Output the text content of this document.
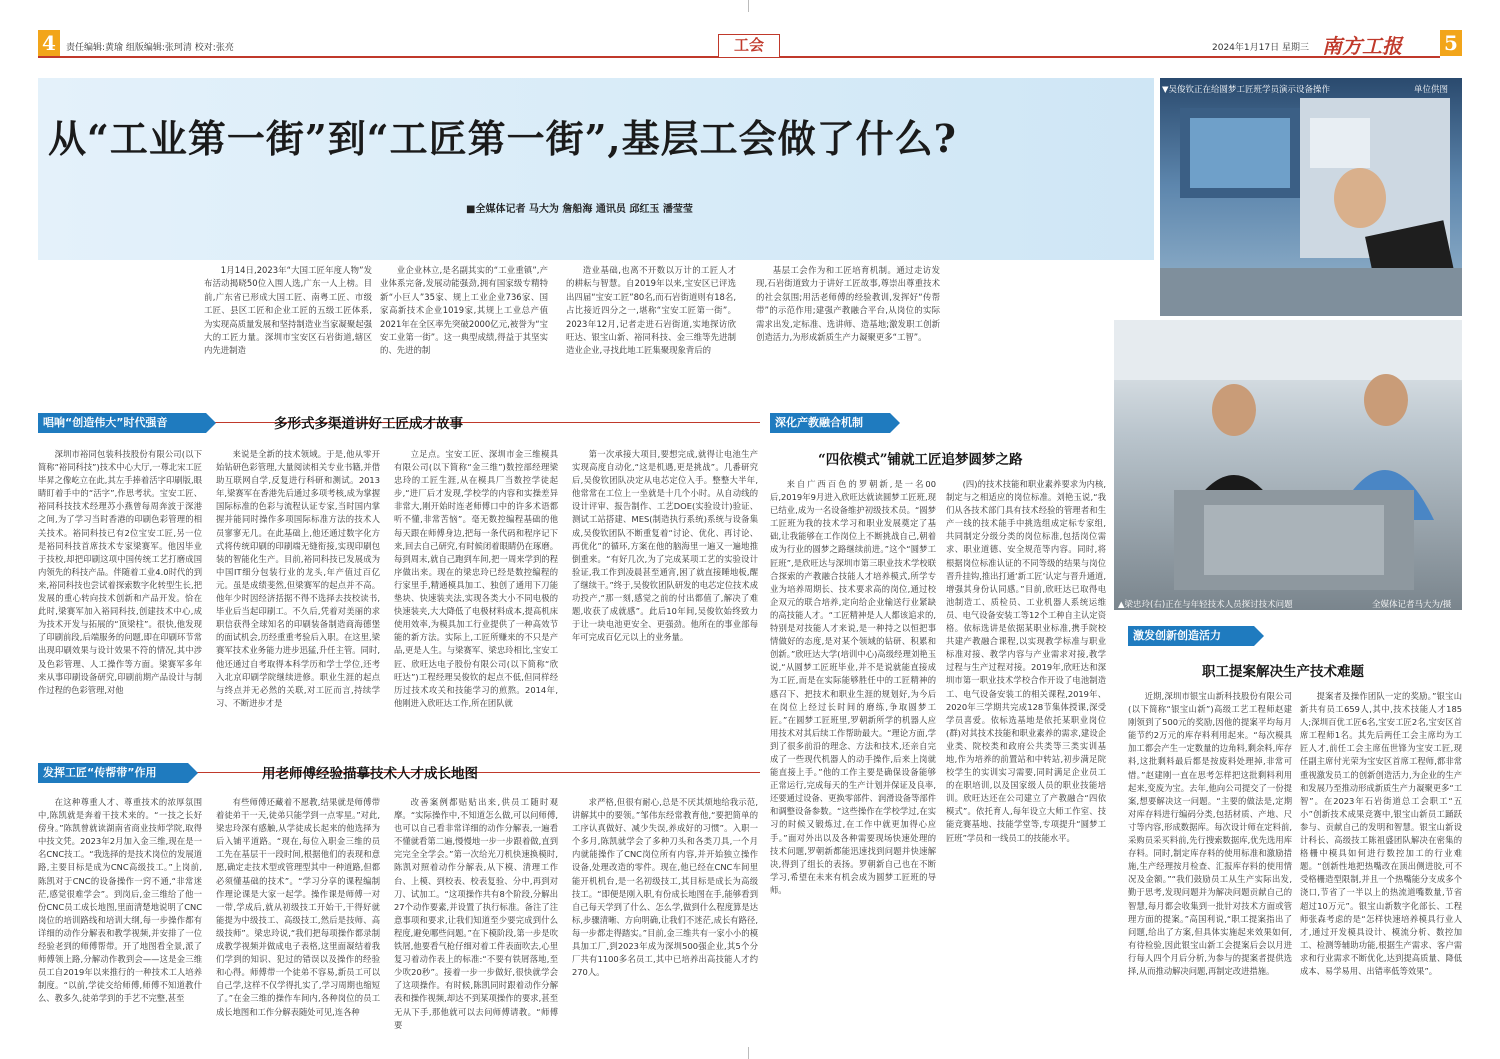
4	责任编辑:黄瑜 组版编辑:张珂清 校对:张亮	工会	2024年1月17日 星期三 南方工报 5
从“工业第一街”到“工匠第一街”,基层工会做了什么?
■全媒体记者 马大为 詹船海 通讯员 邱红玉 潘莹莹
▼吴俊钦正在给圆梦工匠班学员演示设备操作	单位供图
▲梁忠玲(右)正在与年轻技术人员探讨技术问题	全媒体记者马大为/摄
1月14日,2023年“大国工匠年度人物”发布活动揭晓50位入围人选,广东一人上榜。目前,广东省已形成大国工匠、南粤工匠、市级工匠、县区工匠和企业工匠的五级工匠体系,为实现高质量发展和坚持制造业当家凝聚起强大的工匠力量。深圳市宝安区石岩街道,辖区内先进制造
业企业林立,是名副其实的“工业重镇”,产业体系完备,发展动能强劲,拥有国家级专精特新“小巨人”35家、规上工业企业736家、国家高新技术企业1019家,其规上工业总产值2021年在全区率先突破2000亿元,被誉为“宝安工业第一街”。这一典型成绩,得益于其坚实的、先进的制
造业基础,也离不开数以万计的工匠人才的耕耘与智慧。自2019年以来,宝安区已评选出四届“宝安工匠”80名,而石岩街道则有18名,占比接近四分之一,堪称“宝安工匠第一街”。2023年12月,记者走进石岩街道,实地探访欣旺达、银宝山新、裕同科技、金三维等先进制造业企业,寻找此地工匠集聚现象背后的
基层工会作为和工匠培育机制。通过走访发现,石岩街道致力于讲好工匠故事,尊崇出尊重技术的社会氛围;用活老师傅的经验教训,发挥好“传帮带”的示范作用;建强产教融合平台,从岗位的实际需求出发,定标准、选讲师、造基地;激发职工创新创造活力,为形成新质生产力凝聚更多“工智”。
唱响“创造伟大”时代强音	多形式多渠道讲好工匠成才故事
深圳市裕同包装科技股份有限公司(以下简称“裕同科技”)技术中心大厅,一尊北宋工匠毕昇之像屹立在此,其左手捧着活字印刷版,眼睛盯着手中的“活字”,作思考状。宝安工匠、裕同科技技术经理苏小燕曾每周奔波于深港之间,为了学习当时香港的印刷色彩管理的相关技术。裕同科技已有2位宝安工匠,另一位是裕同科技首席技术专家梁赛军。他因毕业于技校,却把印刷这项中国传统工艺打磨成国内领先的科技产品。伴随着工业4.0时代的到来,裕同科技也尝试着探索数字化转型生长,把发展的重心转向技术创新和产品开发。恰在此时,梁赛军加入裕同科技,创建技术中心,成为技术开发与拓展的“顶梁柱”。很快,他发现了印刷前段,后端服务的问题,即在印刷环节常出现印刷效果与设计效果不符的情况,其中涉及色彩管理、人工操作等方面。梁赛军多年来从事印刷设备研究,印刷前期产品设计与制作过程的色彩管理,对他
来说是全新的技术领域。于是,他从零开始钻研色彩管理,大量阅读相关专业书籍,并借助互联网自学,反复进行科研和测试。2013年,梁赛军在香港先后通过多项考核,成为掌握国际标准的色彩与流程认证专家,当时国内掌握并能同时操作多项国际标准方法的技术人员寥寥无几。在此基础上,他还通过数字化方式将传统印刷的印刷端无缝衔接,实现印刷包装的智能化生产。目前,裕同科技已发展成为中国IT细分包装行业的龙头,年产值过百亿元。虽是成绩斐然,但梁赛军的起点并不高。他年少时因经济括据不得不选择去技校读书,毕业后当起印刷工。不久后,凭着对美丽的求职信获得全球知名的印刷装备制造商海德堡的面试机会,历经重重考验后入职。在这里,梁赛军技术业务能力进步迅猛,升任主管。同时,他还通过自考取得本科学历和学士学位,还考入北京印刷学院继续进修。职业生涯的起点与终点并无必然的关联,对工匠而言,持续学习、不断进步才是
立足点。宝安工匠、深圳市金三维模具有限公司(以下简称“金三维”)数控部经理梁忠玲的工匠生涯,从在模具厂当数控学徒起步,“进厂后才发现,学校学的内容和实操差异非常大,刚开始时连老师傅口中的许多术语都听不懂,非常苦恼”。毫无数控编程基础的他每天跟在师傅身边,把每一条代码和程序记下来,回去自己研究,有时候闭着眼睛仍在琢磨。每到周末,就自己跑到车间,把一周来学到的程序做出来。现在的梁忠玲已经是数控编程的行家里手,精通模具加工、独创了通用下刀能垫块、快速装夹法,实现各类大小不同电极的快速装夹,大大降低了电极材料成本,提高机床使用效率,为模具加工行业提供了一种高效节能的新方法。实际上,工匠所赚来的不只是产品,更是人生。与梁赛军、梁忠玲相比,宝安工匠、欣旺达电子股份有限公司(以下简称“欣旺达”)工程经理吴俊钦的起点不低,但同样经历过技术攻关和技能学习的煎熬。2014年,他刚进入欣旺达工作,所在团队就
第一次承接大项目,要想完成,就得让电池生产实现高度自动化,“这是机遇,更是挑战”。几番研究后,吴俊钦团队决定从电芯定位入手。整整大半年,他常常在工位上一坐就是十几个小时。从自动线的设计评审、报告制作、工艺DOE(实验设计)验证、测试工站搭建、MES(制造执行系统)系统与设备集成,吴俊钦团队不断重复着“讨论、优化、再讨论、再优化”的循环,方案在他的脑海里一遍又一遍地推倒重来。“有好几次,为了完成某项工艺的实验设计验证,我工作到凌晨甚至通宵,困了就直接睡地板,醒了继续干。”终于,吴俊钦团队研发的电芯定位技术成功投产,“那一刻,感觉之前的付出都值了,解决了难题,收获了成就感”。此后10年间,吴俊钦始终致力于让一块电池更安全、更强劲。他所在的事业部每年可完成百亿元以上的业务量。
发挥工匠“传帮带”作用	用老师傅经验描摹技术人才成长地图
在这种尊重人才、尊重技术的浓厚氛围中,陈凯就是奔着干技术来的。“一技之长好傍身。”陈凯曾就读湖南省商业技师学院,取得中技文凭。2023年2月加入金三维,现在是一名CNC技工。“我选择的是技术岗位的发展道路,主要目标是成为CNC高级技工。”上岗前,陈凯对于CNC的设备操作一窍不通,“非常迷茫,感觉很难学会”。到岗后,金三维给了他一份CNC员工成长地图,里面清楚地说明了CNC岗位的培训路线和培训大纲,每一步操作都有详细的动作分解表和教学视频,并安排了一位经验老到的师傅帮带。开了地图看全景,派了师傅领上路,分解动作教到会——这是金三维员工自2019年以来推行的一种技术工人培养制度。“以前,学徒交给师傅,师傅不知道教什么、教多久,徒弟学到的手艺不完整,甚至
有些师傅还藏着不愿教,结果就是师傅带着徒弟干一天,徒弟只能学到一点零星。”对此,梁忠玲深有感触,从学徒成长起来的他选择为后入铺平道路。“现在,每位入职金三维的员工先在基层干一段时间,根据他们的表现和意愿,确定走技术型或管理型其中一种道路,但都必须懂基础的技术”。“学习分享的课程编制作理论课是大家一起学。操作课是师傅一对一带,学成后,就从初级技工开始干,干得好就能提为中级技工、高级技工,然后是技师、高级技师”。梁忠玲说,“我们把每项操作都录制成教学视频并做成电子表格,这里面凝结着我们学到的知识、犯过的错误以及操作的经验和心得。师傅带一个徒弟不容易,新员工可以自己学,这样不仅学得扎实了,学习周期也缩短了。”在金三维的操作车间内,各种岗位的员工成长地图和工作分解表随处可见,连各种
改善案例都贴贴出来,供员工随时观摩。“实际操作中,不知道怎么做,可以问师傅,也可以自己看非常详细的动作分解表,一遍看不懂就看第二遍,慢慢地一步一步跟着做,直到完完全全学会。”第一次给光刀机快速换模时,陈凯对照着动作分解表,从下模、清理工作台、上模、到校表、校表复验、分中,再到对刀、试加工。“这项操作共有8个阶段,分解出27个动作要素,并设置了执行标准。备注了注意事项和要求,让我们知道至少要完成到什么程度,避免哪些问题。”在下模阶段,第一步是吹铁屑,他要看气枪仔细对着工件表面吹去,心里复习着动作表上的标准:“不要有铁屑落地,至少吹20秒”。接着一步一步做好,很快就学会了这项操作。有时候,陈凯同时跟着动作分解表和操作视频,却达不到某项操作的要求,甚至无从下手,那他就可以去问师傅请教。“师傅要
求严格,但很有耐心,总是不厌其烦地给我示范,讲解其中的要领。”邹伟东经常教育他,“要把简单的工序认真做好、减少失误,养成好的习惯”。入职一个多月,陈凯就学会了多种刀头和各类刀具,一个月内就能操作了CNC岗位所有内容,并开始独立操作设备,处理改造的零件。现在,他已经在CNC车间里能开机机台,是一名初级技工,其目标是成长为高级技工。“即便是刚入职,有份成长地图在手,能够看到自己每天学到了什么、怎么学,做到什么程度算是达标,步骤清晰、方向明确,让我们不迷茫,成长有路径,每一步都走得踏实。”目前,金三维共有一家小小的模具加工厂,到2023年成为深圳500强企业,其5个分厂共有1100多名员工,其中已培养出高技能人才约270人。
深化产教融合机制
“四依模式”铺就工匠追梦圆梦之路
来自广西百色的罗朝新,是一名00后,2019年9月进入欣旺达就读圆梦工匠班,现已结业,成为一名设备维护初级技术员。“圆梦工匠班为我的技术学习和职业发展奠定了基础,让我能够在工作岗位上不断挑战自己,朝着成为行业的圆梦之路继续前进。”这个“圆梦工匠班”,是欣旺达与深圳市第三职业技术学校联合探索的产教融合技能人才培养模式,所学专业为培养周期长、技术要求高的岗位,通过校企双元的联合培养,定向给企业输送行业紧缺的高技能人才。“工匠精神是人人都该追求的,特别是对技能人才来说,是一种持之以恒把事情做好的态度,是对某个领域的钻研、积累和创新。”欣旺达大学(培训中心)高级经理刘艳玉说,“从圆梦工匠班毕业,并不是说就能直接成为工匠,而是在实际能够胜任中的工匠精神的感召下、把技术和职业生涯的规划好,为今后在岗位上经过长时间的磨练,争取圆梦工匠。”在圆梦工匠班里,罗朝新所学的机器人应用技术对其后续工作帮助最大。“理论方面,学到了很多前沿的理念、方法和技术,还亲自完成了一些现代机器人的动手操作,后来上岗就能直接上手。”他的工作主要是确保设备能够正常运行,完成每天的生产计划并保证及良率,还要通过设备、更换零部件、润滑设备等部件和调整设备参数。“这些操作在学校学过,在实习的时候又锻炼过,在工作中就更加得心应手。”面对外出以及各种需要现场快速处理的技术问题,罗朝新都能迅速找到问题并快速解决,得到了组长的表扬。罗朝新自己也在不断学习,希望在未来有机会成为圆梦工匠班的导师。
(四)的技术技能和职业素养要求为内核,制定与之相适应的岗位标准。刘艳玉说,“我们从各技术部门具有技术经验的管理者和生产一线的技术能手中挑选组成定标专家组,共同制定分级分类的岗位标准,包括岗位需求、职业道德、安全规范等内容。同时,将根据岗位标准认证的不同等级的结果与岗位晋升挂钩,推出打通‘新工匠’认定与晋升通道,增强其身份认同感。”目前,欣旺达已取得电池制造工、质检员、工业机器人系统运维员、电气设备安装工等12个工种自主认定资格。依标选讲是依据某职业标准,携手院校共建产教融合课程,以实现教学标准与职业标准对接、教学内容与产业需求对接,教学过程与生产过程对接。2019年,欣旺达和深圳市第一职业技术学校合作开设了电池制造工、电气设备安装工的相关课程,2019年、2020年三学期共完成128节集体授课,深受学员喜爱。依标选基地是依托某职业岗位(群)对其技术技能和职业素养的需求,建设企业类、院校类和政府公共类等三类实训基地,作为培养的前置站和中转站,初步满足院校学生的实训实习需要,同时满足企业员工的在职培训,以及国家级人员的职业技能培训。欣旺达还在公司建立了产教融合“四依模式”。依托育人,每年设立大师工作室、技能竞赛基地、技能学堂等,专项提升“圆梦工匠班”学员和一线员工的技能水平。
激发创新创造活力
职工提案解决生产技术难题
近期,深圳市银宝山新科技股份有限公司(以下简称“银宝山新”)高级工艺工程师赵建刚领到了500元的奖励,因他的提案平均每月能节约2万元的库存料利用起来。“每次模具加工都会产生一定数量的边角料,剩余料,库存料,这批剩料最后都是按废料处理掉,非常可惜。”赵建刚一直在思考怎样把这批剩料利用起来,变废为宝。去年,他向公司提交了一份提案,想要解决这一问题。“主要的做法是,定期对库存料进行编码分类,包括材质、产地、尺寸等内容,形成数据库。每次设计师在定料前,采购员采买料前,先行搜索数据库,优先选用库存料。同时,制定库存料的使用标准和激励措施,生产经理按月检查、汇报库存料的使用情况及金额。”“我们鼓励员工从生产实际出发,勤于思考,发现问题并为解决问题贡献自己的智慧,每月都会收集到一批针对技术方面或管理方面的提案。”高国利说,“职工提案指出了问题,给出了方案,但具体实施起来效果如何,有待检验,因此银宝山新工会提案后会以月进行每人四个月后分析,为参与的提案者提供选择,从而推动解决问题,再制定改进措施。
提案者及操作团队一定的奖励。”银宝山新共有员工659人,其中,技术技能人才185人;深圳百优工匠6名,宝安工匠2名,宝安区首席工程师1名。其先后两任工会主席均为工匠人才,前任工会主席伍世锋为宝安工匠,现任副主席付光荣为宝安区首席工程师,都非常重视激发员工的创新创造活力,为企业的生产和发展乃至推动形成新质生产力凝聚更多“工智”。在2023年石岩街道总工会职工“五小”创新技术成果竞赛中,银宝山新员工踊跃参与、贡献自己的发明和智慧。银宝山新设计科长、高级技工陈祖盛团队解决在密集的格栅中模具如何进行数控加工的行业难题。“创新性地把热嘴改在顶出侧进胶,可不受格栅造型限制,并且一个热嘴能分支成多个浇口,节省了一半以上的热流道嘴数量,节省超过10万元”。银宝山新数字化部长、工程师张森考虑的是“怎样快速培养模具行业人才,通过开发模具设计、模流分析、数控加工、检测等辅助功能,根据生产需求、客户需求和行业需求不断优化,达到提高质量、降低成本、易学易用、出错率低等效果”。
